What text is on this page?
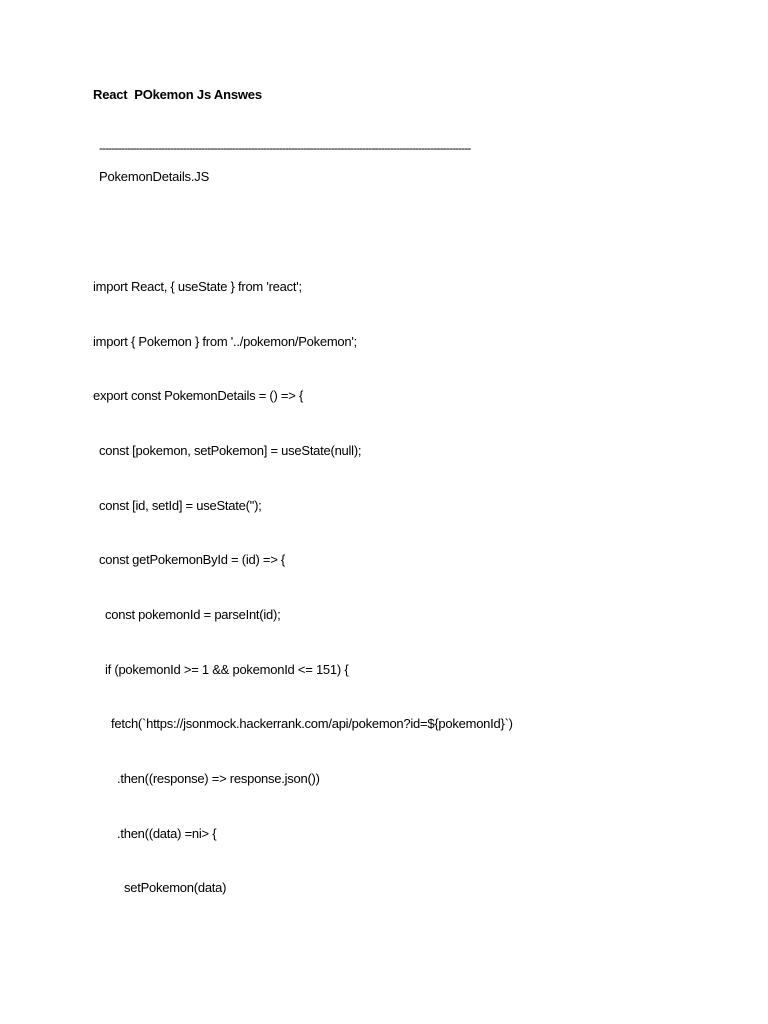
React  POkemon Js Answes
------------------------------------------------------------------------------------------------------------------------
PokemonDetails.JS
import React, { useState } from 'react';
import { Pokemon } from '../pokemon/Pokemon';
export const PokemonDetails = () => {
const [pokemon, setPokemon] = useState(null);
const [id, setId] = useState('');
const getPokemonById = (id) => {
const pokemonId = parseInt(id);
if (pokemonId >= 1 && pokemonId <= 151) {
fetch(`https://jsonmock.hackerrank.com/api/pokemon?id=${pokemonId}`)
.then((response) => response.json())
.then((data) =ni> {
setPokemon(data)
